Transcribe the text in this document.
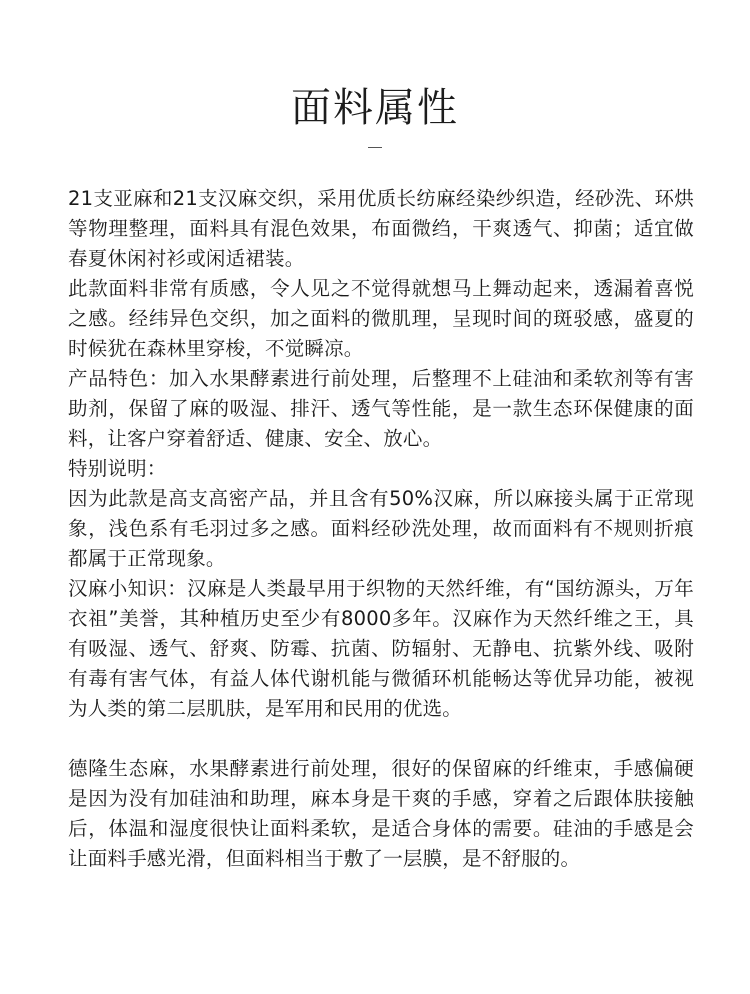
面料属性

21支亚麻和21支汉麻交织，采用优质长纺麻经染纱织造，经砂洗、环烘等物理整理，面料具有混色效果，布面微绉，干爽透气、抑菌；适宜做春夏休闲衬衫或闲适裙装。

此款面料非常有质感，令人见之不觉得就想马上舞动起来，透漏着喜悦之感。经纬异色交织，加之面料的微肌理，呈现时间的斑驳感，盛夏的时候犹在森林里穿梭，不觉瞬凉。

产品特色：加入水果酵素进行前处理，后整理不上硅油和柔软剂等有害助剂，保留了麻的吸湿、排汗、透气等性能，是一款生态环保健康的面料，让客户穿着舒适、健康、安全、放心。

特别说明：

因为此款是高支高密产品，并且含有50%汉麻，所以麻接头属于正常现象，浅色系有毛羽过多之感。面料经砂洗处理，故而面料有不规则折痕都属于正常现象。

汉麻小知识：汉麻是人类最早用于织物的天然纤维，有“国纺源头，万年衣祖”美誉，其种植历史至少有8000多年。汉麻作为天然纤维之王，具有吸湿、透气、舒爽、防霉、抗菌、防辐射、无静电、抗紫外线、吸附有毒有害气体，有益人体代谢机能与微循环机能畅达等优异功能，被视为人类的第二层肌肤，是军用和民用的优选。

德隆生态麻，水果酵素进行前处理，很好的保留麻的纤维束，手感偏硬是因为没有加硅油和助理，麻本身是干爽的手感，穿着之后跟体肤接触后，体温和湿度很快让面料柔软，是适合身体的需要。硅油的手感是会让面料手感光滑，但面料相当于敷了一层膜，是不舒服的。
